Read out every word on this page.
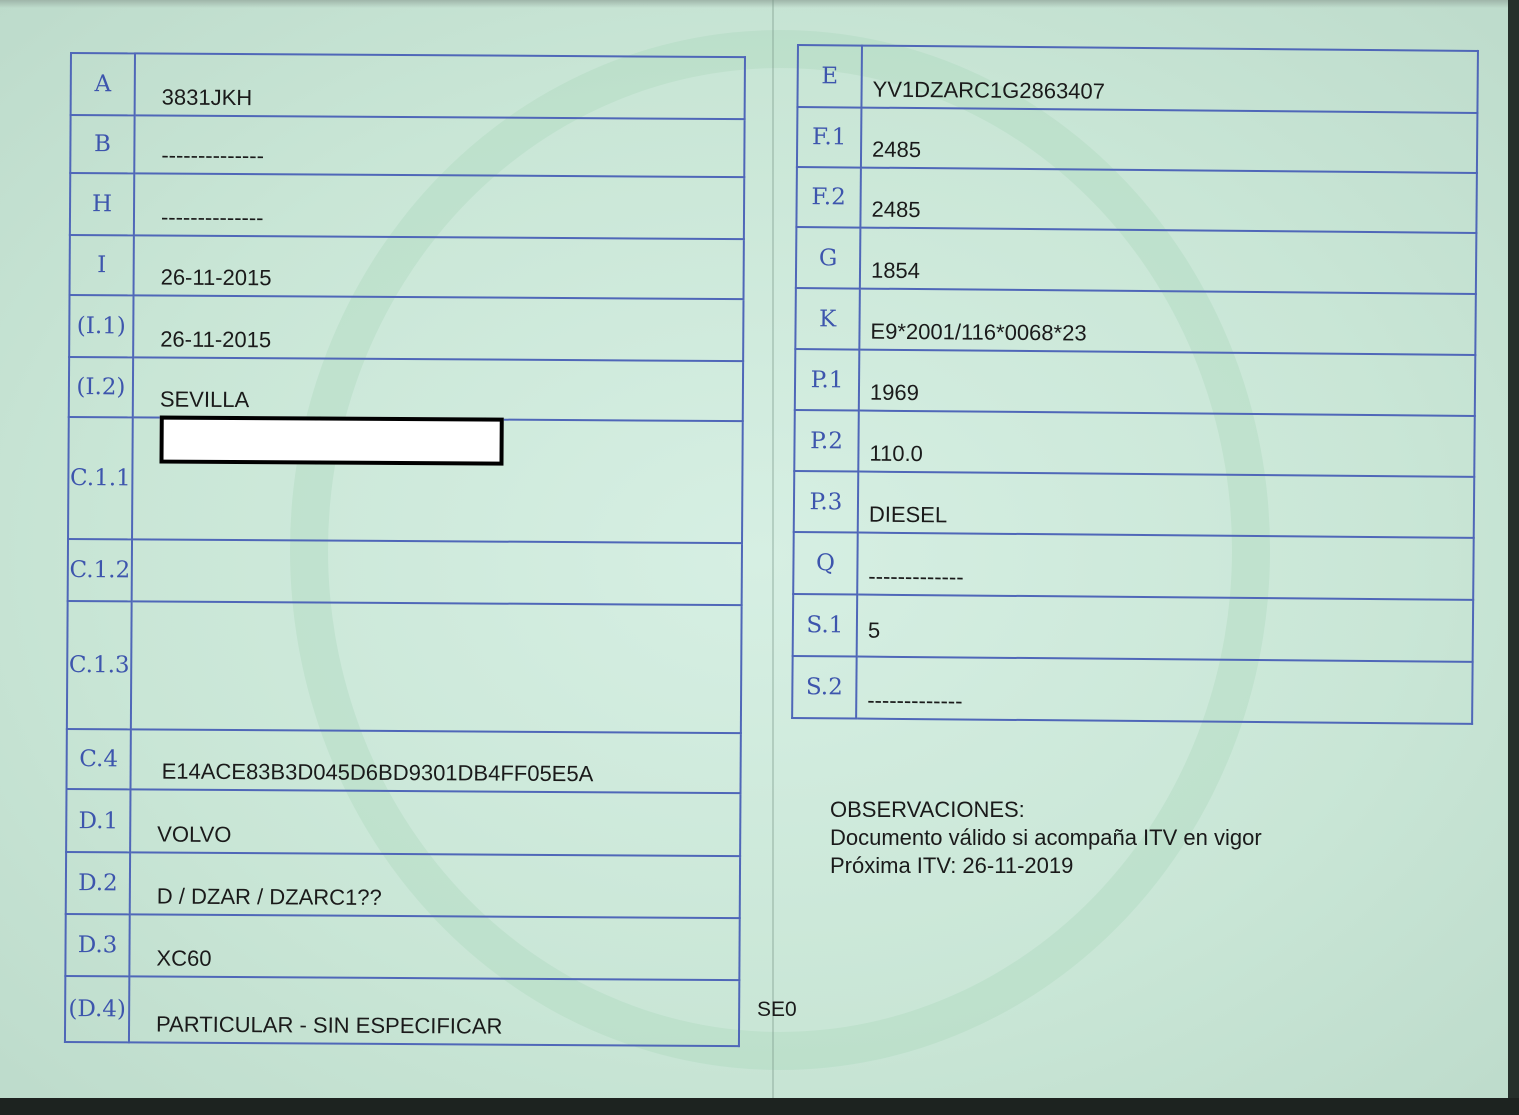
A	3831JKH
B	--------------
H	--------------
I	26-11-2015
(I.1)	26-11-2015
(I.2)	SEVILLA
C.1.1	
C.1.2	
C.1.3	
C.4	E14ACE83B3D045D6BD9301DB4FF05E5A
D.1	VOLVO
D.2	D / DZAR / DZARC1??
D.3	XC60
(D.4)	PARTICULAR - SIN ESPECIFICAR
E	YV1DZARC1G2863407
F.1	2485
F.2	2485
G	1854
K	E9*2001/116*0068*23
P.1	1969
P.2	110.0
P.3	DIESEL
Q	-------------
S.1	5
S.2	-------------
OBSERVACIONES:
Documento válido si acompaña ITV en vigor
Próxima ITV: 26-11-2019
SE0
